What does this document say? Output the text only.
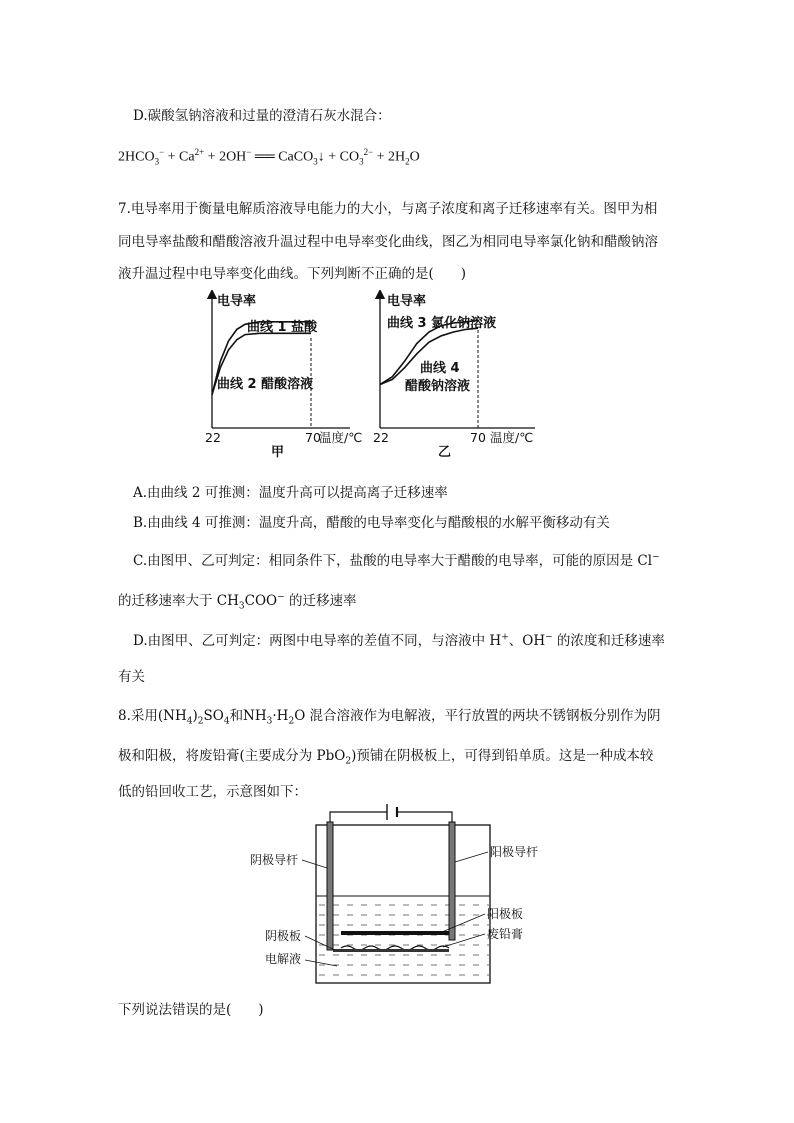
D.碳酸氢钠溶液和过量的澄清石灰水混合：
$2HCO_3^- + Ca^{2+} + 2OH^-$ ══ CaCO$_3$↓ + $CO_3^{2-} + 2H_2O$
7.电导率用于衡量电解质溶液导电能力的大小，与离子浓度和离子迁移速率有关。图甲为相
同电导率盐酸和醋酸溶液升温过程中电导率变化曲线，图乙为相同电导率氯化钠和醋酸钠溶
液升温过程中电导率变化曲线。下列判断不正确的是(　　)
电导率
曲线 1 盐酸
曲线 2 醋酸溶液
22	70
温度/℃
甲
电导率
曲线 3 氯化钠溶液
曲线 4
醋酸钠溶液
22	70 温度/℃
乙
A.由曲线 2 可推测：温度升高可以提高离子迁移速率
B.由曲线 4 可推测：温度升高，醋酸的电导率变化与醋酸根的水解平衡移动有关
C.由图甲、乙可判定：相同条件下，盐酸的电导率大于醋酸的电导率，可能的原因是 Cl−
的迁移速率大于 $CH_3COO^-$ 的迁移速率
D.由图甲、乙可判定：两图中电导率的差值不同，与溶液中 H+、OH− 的浓度和迁移速率
有关
8.采用$(NH_4)_2SO_4$和$NH_3\cdot H_2O$ 混合溶液作为电解液，平行放置的两块不锈钢板分别作为阴
极和阳极，将废铅膏(主要成分为 PbO$_2$)预铺在阴极板上，可得到铅单质。这是一种成本较
低的铅回收工艺，示意图如下：
阴极导杆
阳极导杆
阳极板
废铅膏
阴极板
电解液
下列说法错误的是(　　)
